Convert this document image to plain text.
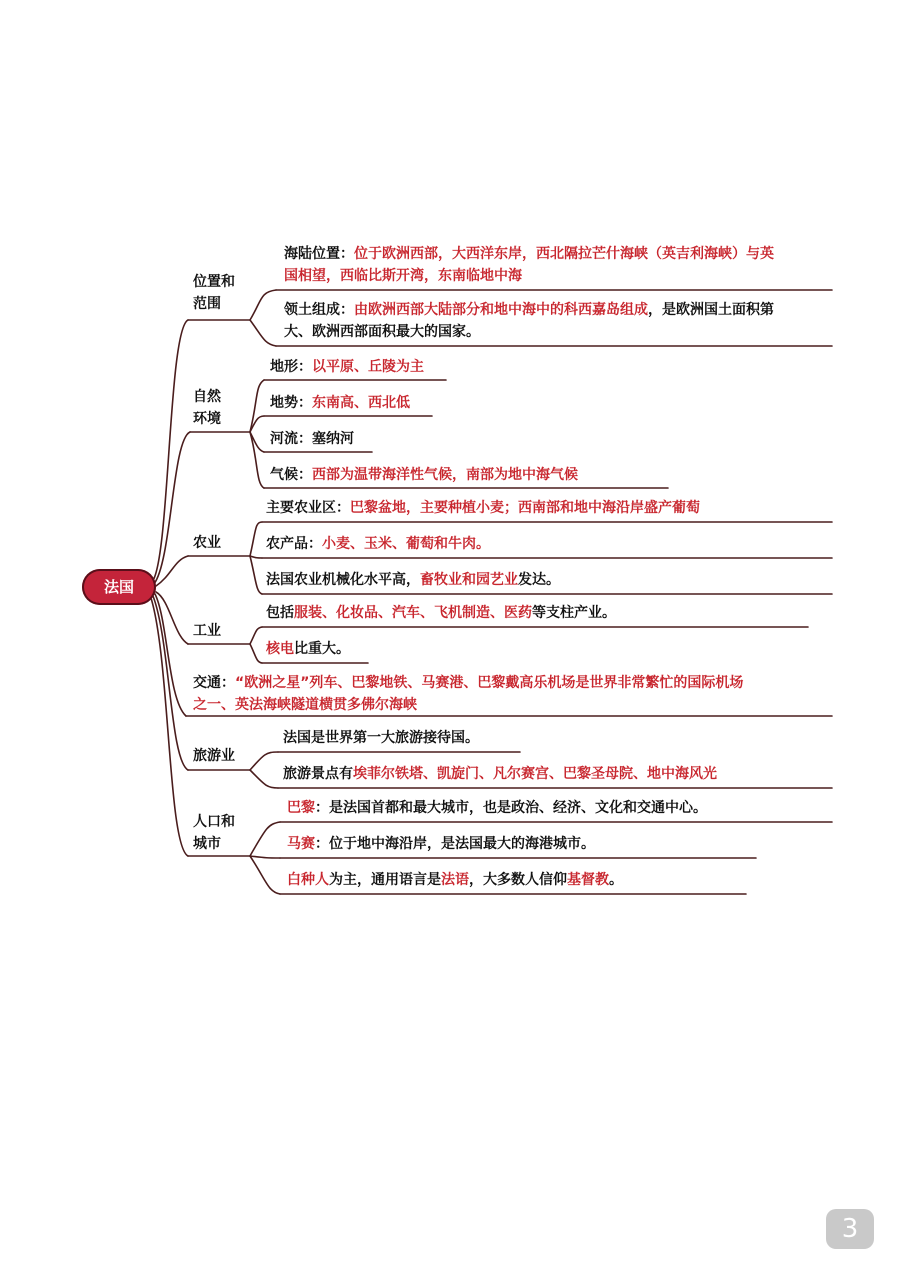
法国
位置和
范围
自然
环境
农业
工业
旅游业
人口和
城市
海陆位置：位于欧洲西部，大西洋东岸，西北隔拉芒什海峡（英吉利海峡）与英
国相望，西临比斯开湾，东南临地中海
领土组成：由欧洲西部大陆部分和地中海中的科西嘉岛组成，是欧洲国土面积第
大、欧洲西部面积最大的国家。
地形：以平原、丘陵为主
地势：东南高、西北低
河流：塞纳河
气候：西部为温带海洋性气候，南部为地中海气候
主要农业区：巴黎盆地，主要种植小麦；西南部和地中海沿岸盛产葡萄
农产品：小麦、玉米、葡萄和牛肉。
法国农业机械化水平高，畜牧业和园艺业发达。
包括服装、化妆品、汽车、飞机制造、医药等支柱产业。
核电比重大。
交通：“欧洲之星”列车、巴黎地铁、马赛港、巴黎戴高乐机场是世界非常繁忙的国际机场
之一、英法海峡隧道横贯多佛尔海峡
法国是世界第一大旅游接待国。
旅游景点有埃菲尔铁塔、凯旋门、凡尔赛宫、巴黎圣母院、地中海风光
巴黎：是法国首都和最大城市，也是政治、经济、文化和交通中心。
马赛：位于地中海沿岸，是法国最大的海港城市。
白种人为主，通用语言是法语，大多数人信仰基督教。
3
